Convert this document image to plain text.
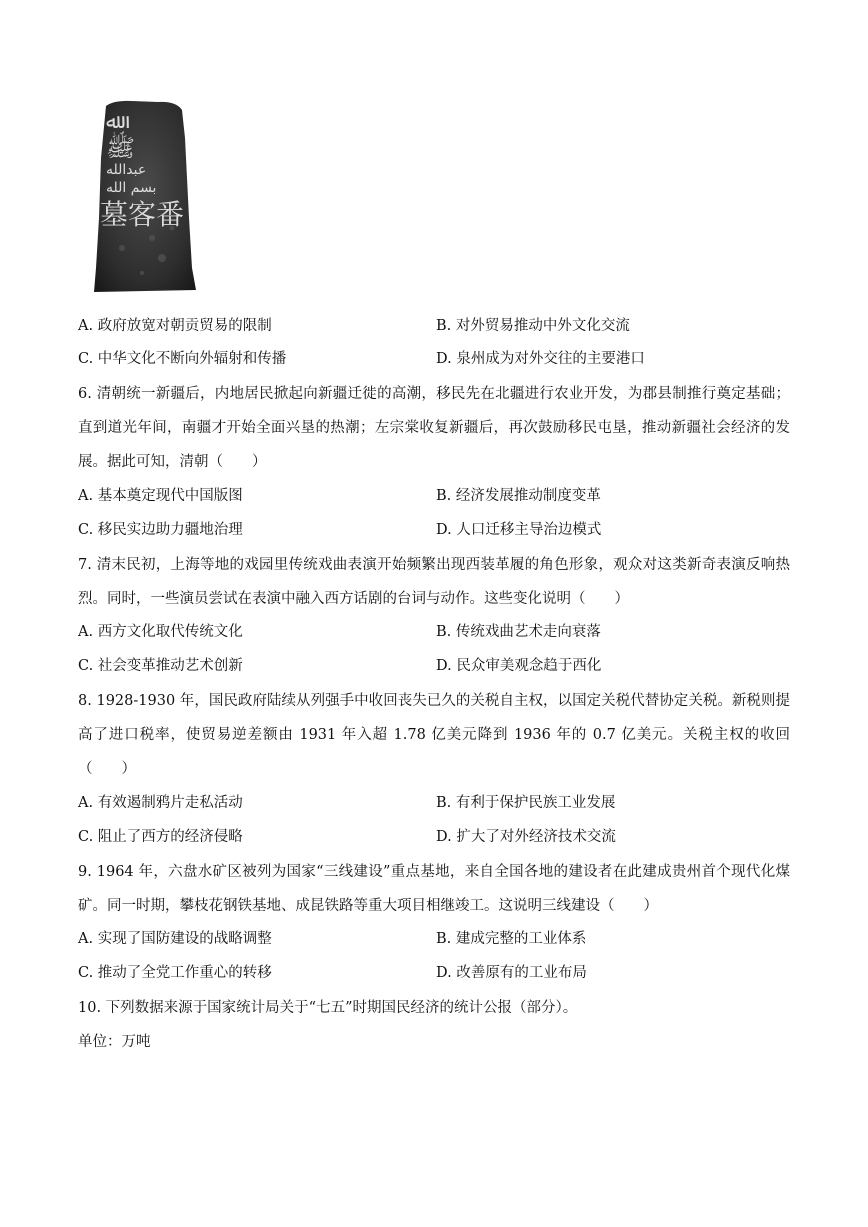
ﷲ
ﷺ
عبدالله
بسم الله
墓客番
A. 政府放宽对朝贡贸易的限制	B. 对外贸易推动中外文化交流
C. 中华文化不断向外辐射和传播	D. 泉州成为对外交往的主要港口
6. 清朝统一新疆后，内地居民掀起向新疆迁徙的高潮，移民先在北疆进行农业开发，为郡县制推行奠定基础；直到道光年间，南疆才开始全面兴垦的热潮；左宗棠收复新疆后，再次鼓励移民屯垦，推动新疆社会经济的发展。据此可知，清朝（　　）
A. 基本奠定现代中国版图	B. 经济发展推动制度变革
C. 移民实边助力疆地治理	D. 人口迁移主导治边模式
7. 清末民初，上海等地的戏园里传统戏曲表演开始频繁出现西装革履的角色形象，观众对这类新奇表演反响热烈。同时，一些演员尝试在表演中融入西方话剧的台词与动作。这些变化说明（　　）
A. 西方文化取代传统文化	B. 传统戏曲艺术走向衰落
C. 社会变革推动艺术创新	D. 民众审美观念趋于西化
8. 1928-1930 年，国民政府陆续从列强手中收回丧失已久的关税自主权，以国定关税代替协定关税。新税则提高了进口税率，使贸易逆差额由 1931 年入超 1.78 亿美元降到 1936 年的 0.7 亿美元。关税主权的收回（　　）
A. 有效遏制鸦片走私活动	B. 有利于保护民族工业发展
C. 阻止了西方的经济侵略	D. 扩大了对外经济技术交流
9. 1964 年，六盘水矿区被列为国家“三线建设”重点基地，来自全国各地的建设者在此建成贵州首个现代化煤矿。同一时期，攀枝花钢铁基地、成昆铁路等重大项目相继竣工。这说明三线建设（　　）
A. 实现了国防建设的战略调整	B. 建成完整的工业体系
C. 推动了全党工作重心的转移	D. 改善原有的工业布局
10. 下列数据来源于国家统计局关于“七五”时期国民经济的统计公报（部分）。
单位：万吨
